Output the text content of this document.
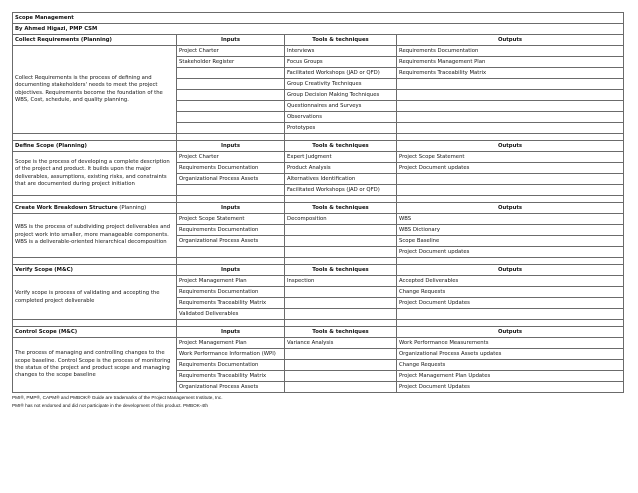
Scope Management			
By Ahmed Higazi, PMP CSM			
Collect Requirements (Planning)	Inputs	Tools & techniques	Outputs
Collect Requirements is the process of defining and documenting stakeholders' needs to meet the project objectives. Requirements become the foundation of the WBS, Cost, schedule, and quality planning.	Project Charter	Interviews	Requirements Documentation
	Stakeholder Register	Focus Groups	Requirements Management Plan
		Facilitated Workshops (JAD or QFD)	Requirements Traceability Matrix
		Group Creativity Techniques	
		Group Decision Making Techniques	
		Questionnaires and Surveys	
		Observations	
		Prototypes	

Define Scope (Planning)	Inputs	Tools & techniques	Outputs
Scope is the process of developing a complete description of the project and product. It builds upon the major deliverables, assumptions, existing risks, and constraints that are documented during project initiation	Project Charter	Expert Judgment	Project Scope Statement
	Requirements Documentation	Product Analysis	Project Document updates
	Organizational Process Assets	Alternatives Identification	
		Facilitated Workshops (JAD or QFD)	

Create Work Breakdown Structure (Planning)	Inputs	Tools & techniques	Outputs
WBS is the process of subdividing project deliverables and project work into smaller, more manageable components. WBS is a deliverable-oriented hierarchical decomposition	Project Scope Statement	Decomposition	WBS
	Requirements Documentation		WBS Dictionary
	Organizational Process Assets		Scope Baseline
			Project Document updates

Verify Scope (M&C)	Inputs	Tools & techniques	Outputs
Verify scope is process of validating and accepting the completed project deliverable	Project Management Plan	Inspection	Accepted Deliverables
	Requirements Documentation		Change Requests
	Requirements Traceability Matrix		Project Document Updates
	Validated Deliverables		

Control Scope (M&C)	Inputs	Tools & techniques	Outputs
The process of managing and controlling changes to the scope baseline. Control Scope is the process of monitoring the status of the project and product scope and managing changes to the scope baseline	Project Management Plan	Variance Analysis	Work Performance Measurements
	Work Performance Information (WPI)		Organizational Process Assets updates
	Requirements Documentation		Change Requests
	Requirements Traceability Matrix		Project Management Plan Updates
	Organizational Process Assets		Project Document Updates
PMI®, PMP®, CAPM® and PMBOK® Guide are trademarks of the Project Management Institute, Inc.
PMI® has not endorsed and did not participate in the development of this product. PMBOK-4th
